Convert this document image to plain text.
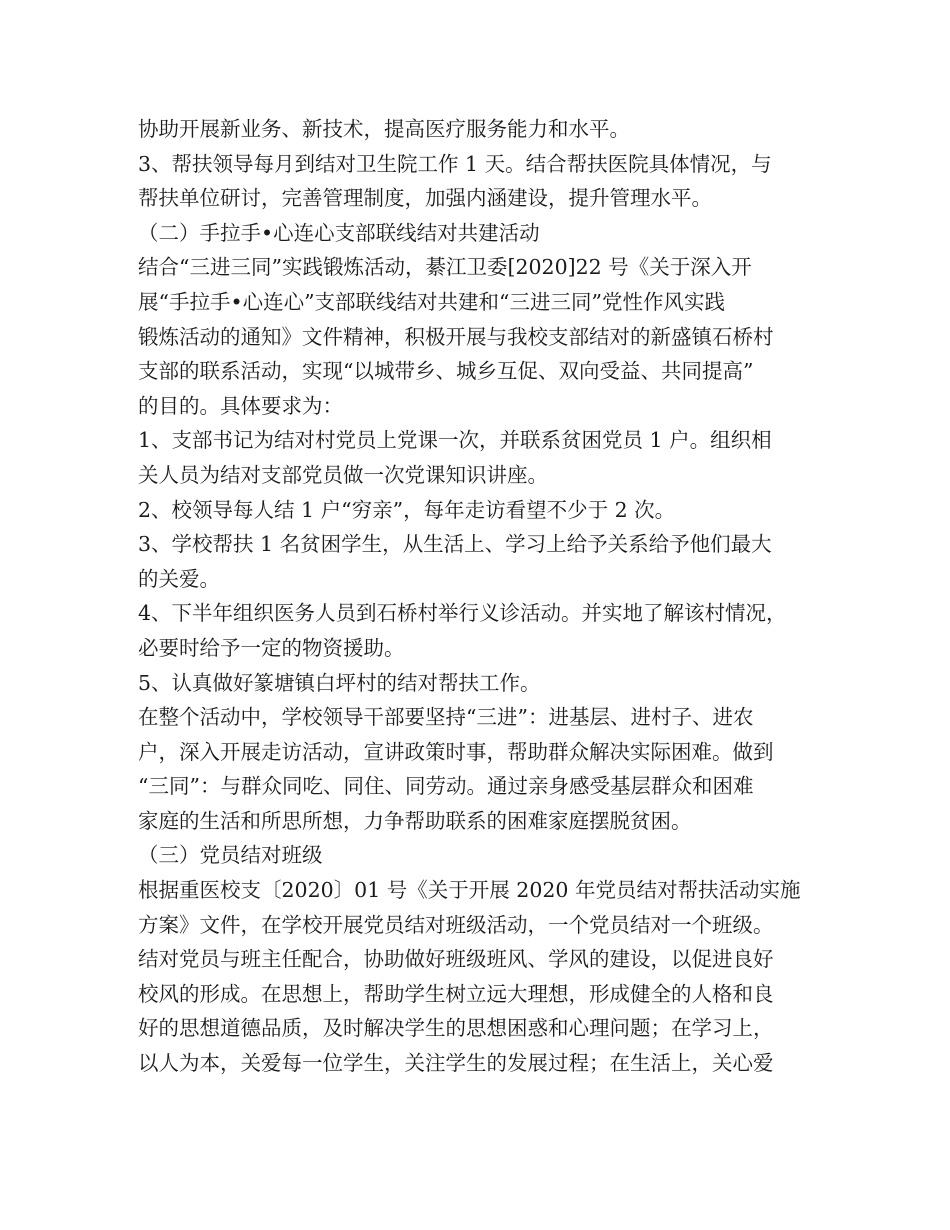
协助开展新业务、新技术，提高医疗服务能力和水平。
3、帮扶领导每月到结对卫生院工作 1 天。结合帮扶医院具体情况，与
帮扶单位研讨，完善管理制度，加强内涵建设，提升管理水平。
（二）手拉手•心连心支部联线结对共建活动
结合“三进三同”实践锻炼活动，綦江卫委[2020]22 号《关于深入开
展“手拉手•心连心”支部联线结对共建和“三进三同”党性作风实践
锻炼活动的通知》文件精神，积极开展与我校支部结对的新盛镇石桥村
支部的联系活动，实现“以城带乡、城乡互促、双向受益、共同提高”
的目的。具体要求为：
1、支部书记为结对村党员上党课一次，并联系贫困党员 1 户。组织相
关人员为结对支部党员做一次党课知识讲座。
2、校领导每人结 1 户“穷亲”，每年走访看望不少于 2 次。
3、学校帮扶 1 名贫困学生，从生活上、学习上给予关系给予他们最大
的关爱。
4、下半年组织医务人员到石桥村举行义诊活动。并实地了解该村情况，
必要时给予一定的物资援助。
5、认真做好篆塘镇白坪村的结对帮扶工作。
在整个活动中，学校领导干部要坚持“三进”：进基层、进村子、进农
户，深入开展走访活动，宣讲政策时事，帮助群众解决实际困难。做到
“三同”：与群众同吃、同住、同劳动。通过亲身感受基层群众和困难
家庭的生活和所思所想，力争帮助联系的困难家庭摆脱贫困。
（三）党员结对班级
根据重医校支〔2020〕01 号《关于开展 2020 年党员结对帮扶活动实施
方案》文件，在学校开展党员结对班级活动，一个党员结对一个班级。
结对党员与班主任配合，协助做好班级班风、学风的建设，以促进良好
校风的形成。在思想上，帮助学生树立远大理想，形成健全的人格和良
好的思想道德品质，及时解决学生的思想困惑和心理问题；在学习上，
以人为本，关爱每一位学生，关注学生的发展过程；在生活上，关心爱
